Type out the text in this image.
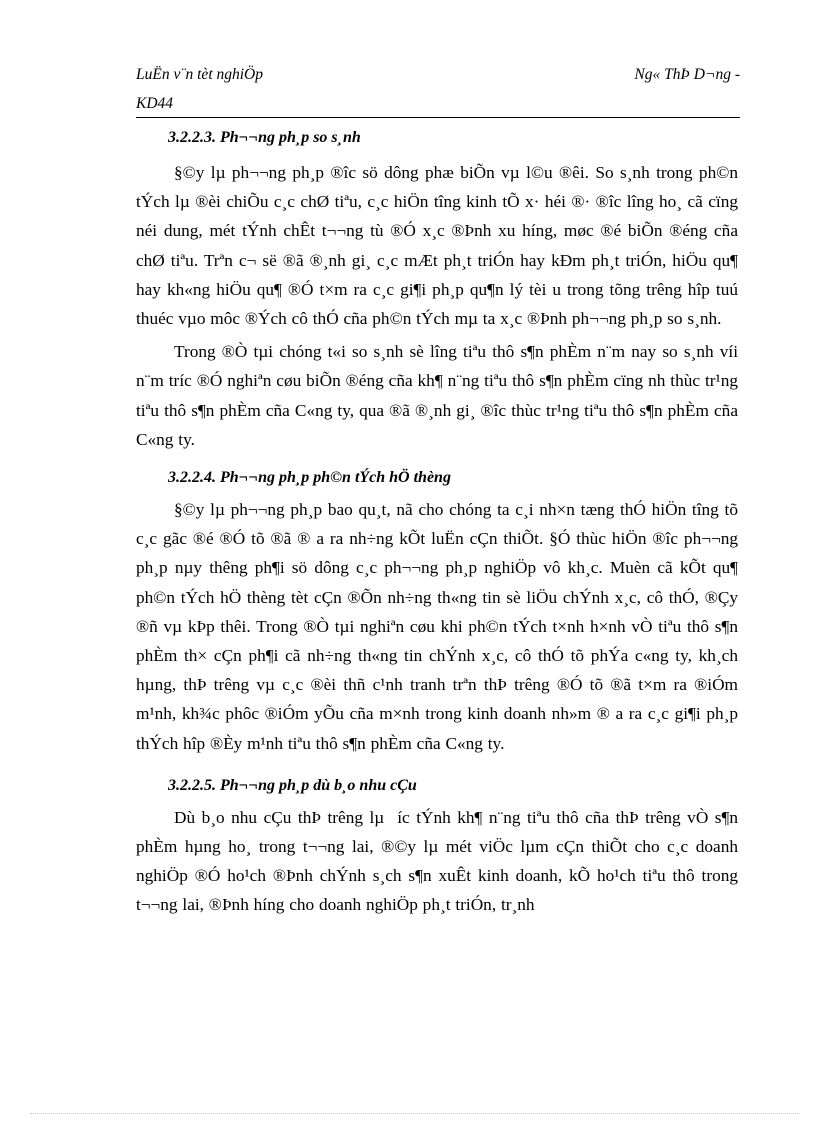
LuËn v¨n tèt nghiÖp	Ng« ThÞ D¬ng -
KD44
3.2.2.3. Ph¬¬ng ph¸p so s¸nh

§©y lµ ph¬¬ng ph¸p ®îc sö dông phæ biÕn vµ l©u ®êi. So s¸nh trong ph©n tÝch lµ ®èi chiÕu c¸c chØ tiªu, c¸c hiÖn tîng kinh tÕ x· héi ®· ®îc lîng ho¸ cã cïng néi dung, mét tÝnh chÊt t¬¬ng tù ®Ó x¸c ®Þnh xu híng, møc ®é biÕn ®éng cña chØ tiªu. Trªn c¬ së ®ã ®¸nh gi¸ c¸c mÆt ph¸t triÓn hay kÐm ph¸t triÓn, hiÖu qu¶ hay kh«ng hiÖu qu¶ ®Ó t×m ra c¸c gi¶i ph¸p qu¶n lý tèi u trong tõng trêng hîp tuú thuéc vµo môc ®Ých cô thÓ cña ph©n tÝch mµ ta x¸c ®Þnh ph¬¬ng ph¸p so s¸nh.

Trong ®Ò tµi chóng t«i so s¸nh sè lîng tiªu thô s¶n phÈm n¨m nay so s¸nh víi n¨m tríc ®Ó nghiªn cøu biÕn ®éng cña kh¶ n¨ng tiªu thô s¶n phÈm cïng nh thùc tr¹ng tiªu thô s¶n phÈm cña C«ng ty, qua ®ã ®¸nh gi¸ ®îc thùc tr¹ng tiªu thô s¶n phÈm cña C«ng ty.

3.2.2.4. Ph¬¬ng ph¸p ph©n tÝch hÖ thèng

§©y lµ ph¬¬ng ph¸p bao qu¸t, nã cho chóng ta c¸i nh×n tæng thÓ hiÖn tîng tõ c¸c gãc ®é ®Ó tõ ®ã ® a ra nh÷ng kÕt luËn cÇn thiÕt. §Ó thùc hiÖn ®îc ph¬¬ng ph¸p nµy thêng ph¶i sö dông c¸c ph¬¬ng ph¸p nghiÖp vô kh¸c. Muèn cã kÕt qu¶ ph©n tÝch hÖ thèng tèt cÇn ®Õn nh÷ng th«ng tin sè liÖu chÝnh x¸c, cô thÓ, ®Çy ®ñ vµ kÞp thêi. Trong ®Ò tµi nghiªn cøu khi ph©n tÝch t×nh h×nh vÒ tiªu thô s¶n phÈm th× cÇn ph¶i cã nh÷ng th«ng tin chÝnh x¸c, cô thÓ tõ phÝa c«ng ty, kh¸ch hµng, thÞ trêng vµ c¸c ®èi thñ c¹nh tranh trªn thÞ trêng ®Ó tõ ®ã t×m ra ®iÓm m¹nh, kh¾c phôc ®iÓm yÕu cña m×nh trong kinh doanh nh»m ® a ra c¸c gi¶i ph¸p thÝch hîp ®Èy m¹nh tiªu thô s¶n phÈm cña C«ng ty.

3.2.2.5. Ph¬¬ng ph¸p dù b¸o nhu cÇu

Dù b¸o nhu cÇu thÞ trêng lµ íc tÝnh kh¶ n¨ng tiªu thô cña thÞ trêng vÒ s¶n phÈm hµng ho¸ trong t¬¬ng lai, ®©y lµ mét viÖc lµm cÇn thiÕt cho c¸c doanh nghiÖp ®Ó ho¹ch ®Þnh chÝnh s¸ch s¶n xuÊt kinh doanh, kÕ ho¹ch tiªu thô trong t¬¬ng lai, ®Þnh híng cho doanh nghiÖp ph¸t triÓn, tr¸nh
